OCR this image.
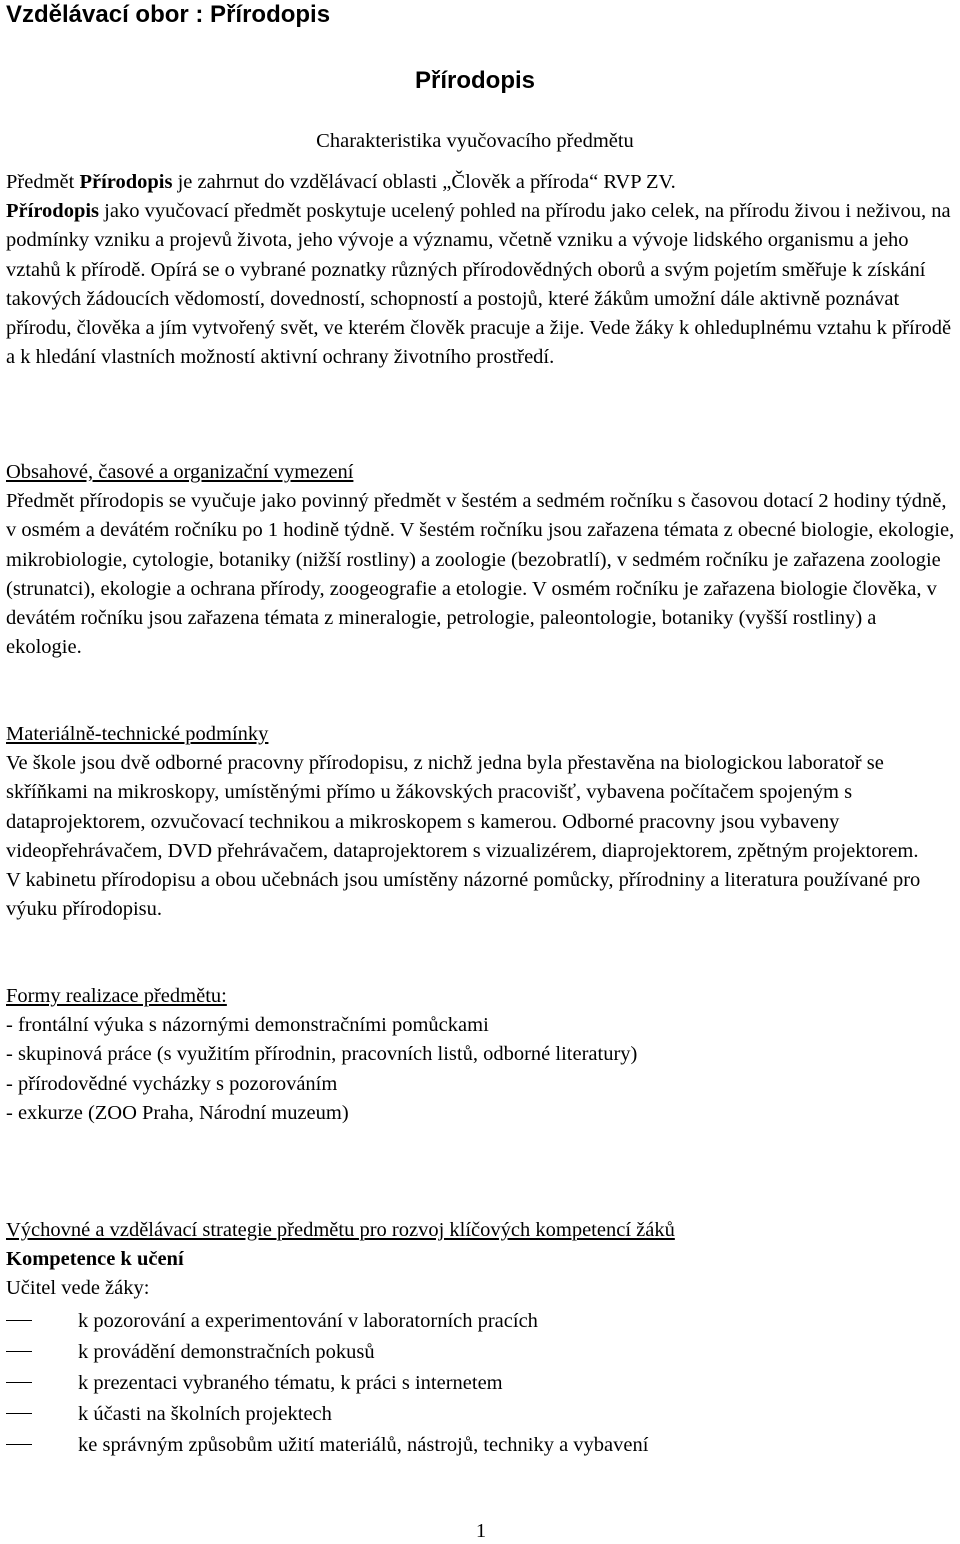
Vzdělávací obor : Přírodopis
Přírodopis
Charakteristika vyučovacího předmětu

Předmět Přírodopis je zahrnut do vzdělávací oblasti „Člověk a příroda“ RVP ZV.

Přírodopis jako vyučovací předmět poskytuje ucelený pohled na přírodu jako celek, na přírodu živou i neživou, na podmínky vzniku a projevů života, jeho vývoje a významu, včetně vzniku a vývoje lidského organismu a jeho vztahů k přírodě. Opírá se o vybrané poznatky různých přírodovědných oborů a svým pojetím směřuje k získání takových žádoucích vědomostí, dovedností, schopností a postojů, které žákům umožní dále aktivně poznávat přírodu, člověka a jím vytvořený svět, ve kterém člověk pracuje a žije. Vede žáky k ohleduplnému vztahu k přírodě a k hledání vlastních možností aktivní ochrany životního prostředí.

Obsahové, časové a organizační vymezení

Předmět přírodopis se vyučuje jako povinný předmět v šestém a sedmém ročníku s časovou dotací 2 hodiny týdně, v osmém a devátém ročníku po 1 hodině týdně. V šestém ročníku jsou zařazena témata z obecné biologie, ekologie, mikrobiologie, cytologie, botaniky (nižší rostliny) a zoologie (bezobratlí), v sedmém ročníku je zařazena zoologie (strunatci), ekologie a ochrana přírody, zoogeografie a etologie. V osmém ročníku je zařazena biologie člověka, v devátém ročníku jsou zařazena témata z mineralogie, petrologie, paleontologie, botaniky (vyšší rostliny) a ekologie.

Materiálně-technické podmínky

Ve škole jsou dvě odborné pracovny přírodopisu, z nichž jedna byla přestavěna na biologickou laboratoř se skříňkami na mikroskopy, umístěnými přímo u žákovských pracovišť, vybavena počítačem spojeným s dataprojektorem, ozvučovací technikou a mikroskopem s kamerou. Odborné pracovny jsou vybaveny videopřehrávačem, DVD přehrávačem, dataprojektorem s vizualizérem, diaprojektorem, zpětným projektorem.

V kabinetu přírodopisu a obou učebnách jsou umístěny názorné pomůcky, přírodniny a literatura používané pro výuku přírodopisu.

Formy realizace předmětu:

- frontální výuka s názornými demonstračními pomůckami

- skupinová práce (s využitím přírodnin, pracovních listů, odborné literatury)

- přírodovědné vycházky s pozorováním

- exkurze (ZOO Praha, Národní muzeum)

Výchovné a vzdělávací strategie předmětu pro rozvoj klíčových kompetencí žáků

Kompetence k učení

Učitel vede žáky:

k pozorování a experimentování v laboratorních pracích
k provádění demonstračních pokusů
k prezentaci vybraného tématu, k práci s internetem
k účasti na školních projektech
ke správným způsobům užití materiálů, nástrojů, techniky a vybavení
1
